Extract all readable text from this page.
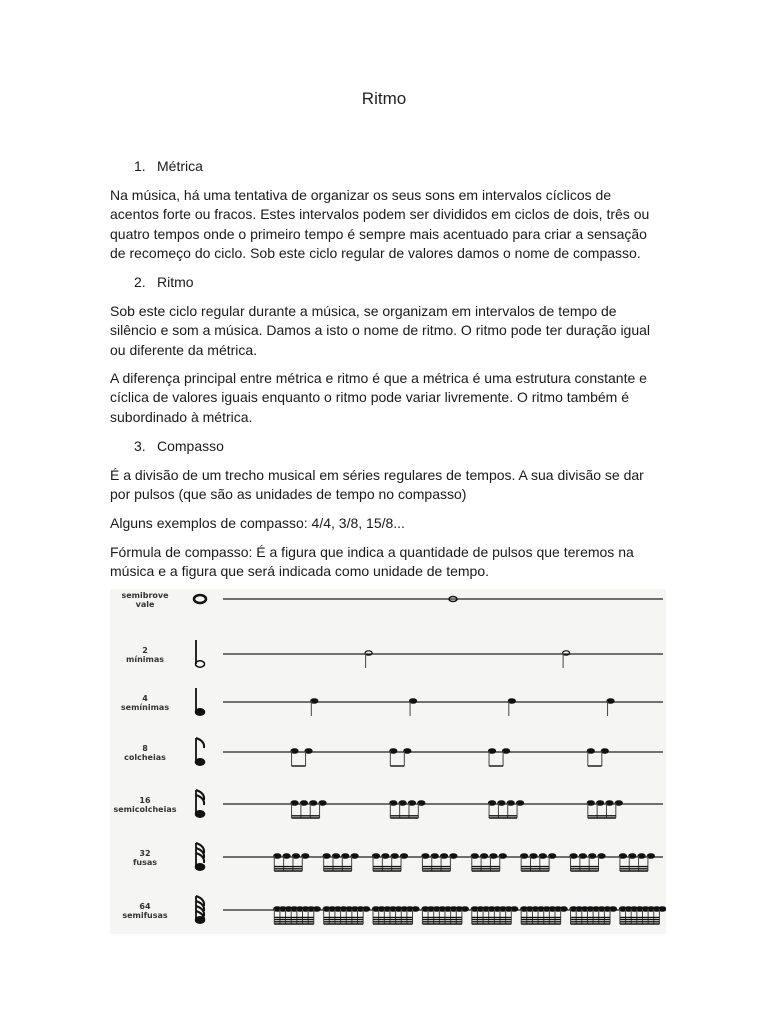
Ritmo
1. Métrica

Na música, há uma tentativa de organizar os seus sons em intervalos cíclicos de acentos forte ou fracos. Estes intervalos podem ser divididos em ciclos de dois, três ou quatro tempos onde o primeiro tempo é sempre mais acentuado para criar a sensação de recomeço do ciclo. Sob este ciclo regular de valores damos o nome de compasso.

2. Ritmo

Sob este ciclo regular durante a música, se organizam em intervalos de tempo de silêncio e som a música. Damos a isto o nome de ritmo. O ritmo pode ter duração igual ou diferente da métrica.

A diferença principal entre métrica e ritmo é que a métrica é uma estrutura constante e cíclica de valores iguais enquanto o ritmo pode variar livremente. O ritmo também é subordinado à métrica.

3. Compasso

É a divisão de um trecho musical em séries regulares de tempos. A sua divisão se dar por pulsos (que são as unidades de tempo no compasso)

Alguns exemplos de compasso: 4/4, 3/8, 15/8...

Fórmula de compasso: É a figura que indica a quantidade de pulsos que teremos na música e a figura que será indicada como unidade de tempo.

semibrove
vale
2
mínimas
4
semínimas
8
colcheias
16
semicolcheias
32
fusas
64
semifusas
